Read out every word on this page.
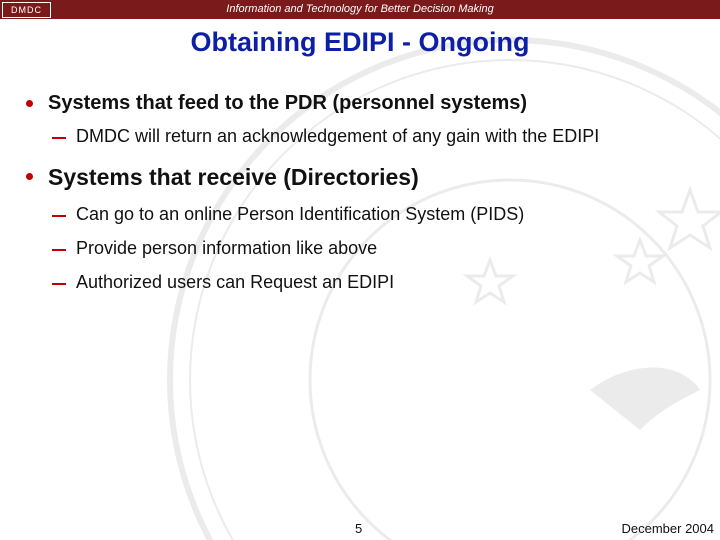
DMDC	Information and Technology for Better Decision Making
Obtaining EDIPI - Ongoing
Systems that feed to the PDR (personnel systems)
DMDC will return an acknowledgement of any gain with the EDIPI
Systems that receive (Directories)
Can go to an online Person Identification System (PIDS)
Provide person information like above
Authorized users can Request an EDIPI
5	December 2004
